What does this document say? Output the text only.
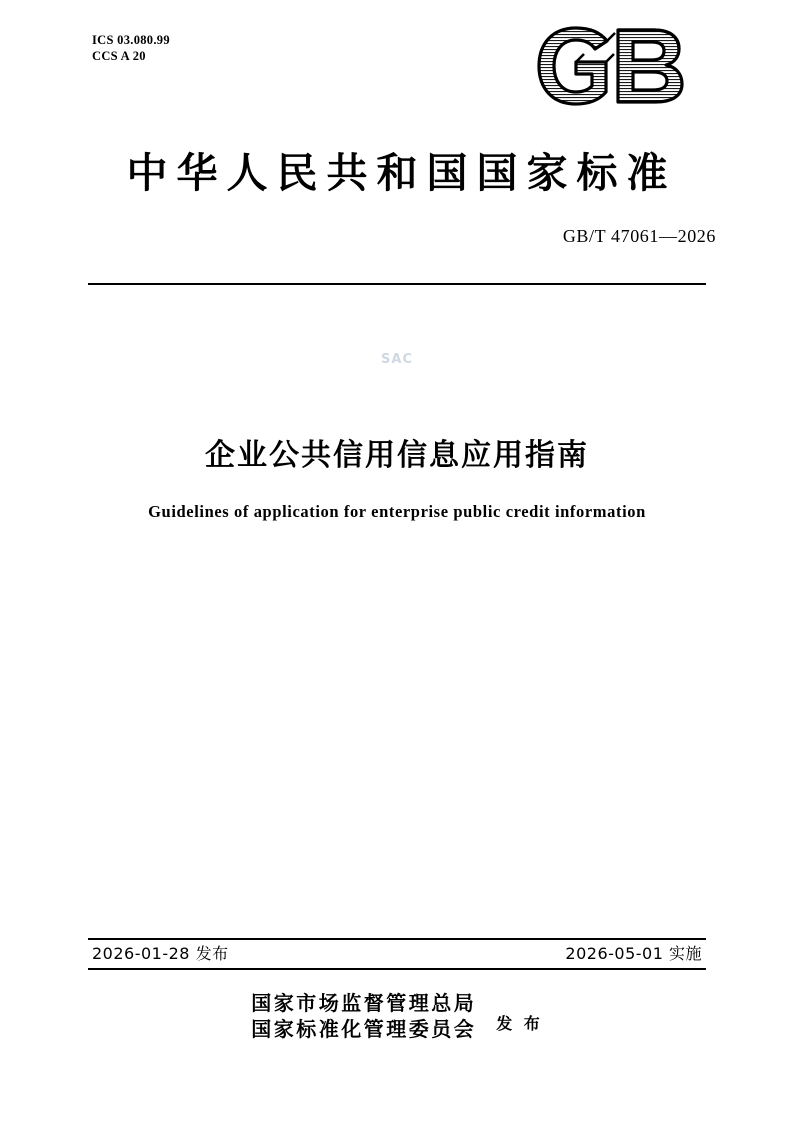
ICS 03.080.99
CCS A 20
中华人民共和国国家标准
GB/T 47061—2026
SAC
企业公共信用信息应用指南
Guidelines of application for enterprise public credit information
2026-01-28 发布	2026-05-01 实施
国家市场监督管理总局
国家标准化管理委员会 发 布
